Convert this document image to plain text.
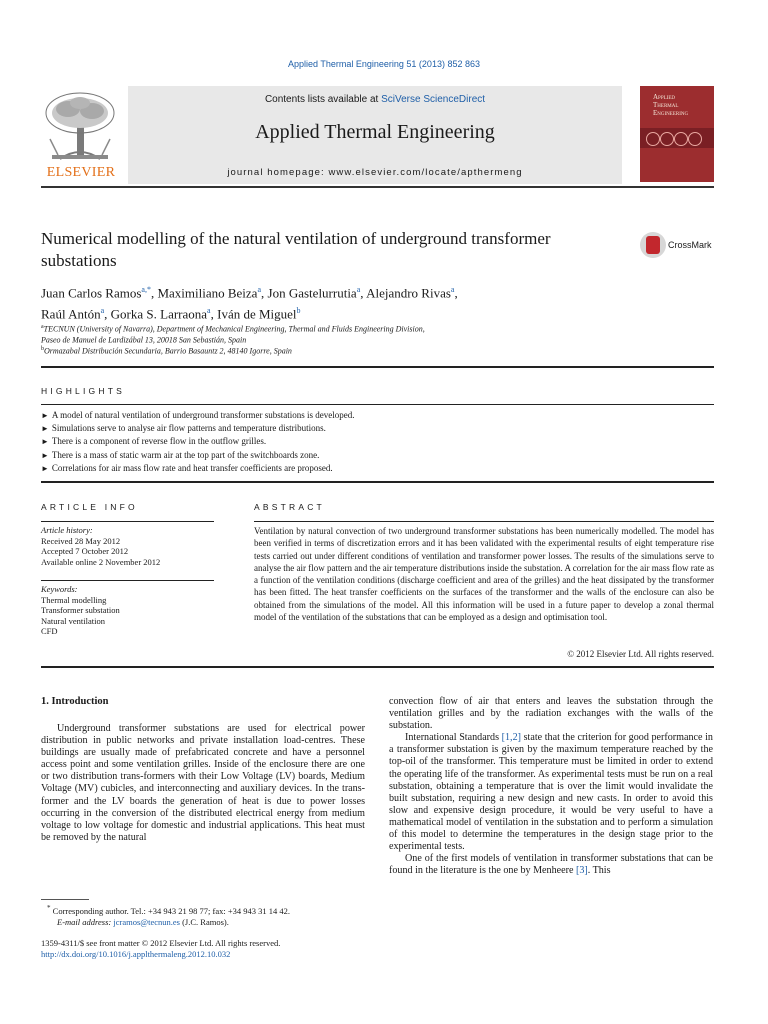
Applied Thermal Engineering 51 (2013) 852 863
ELSEVIER
Contents lists available at SciVerse ScienceDirect
Applied Thermal Engineering
journal homepage: www.elsevier.com/locate/apthermeng
Applied
Thermal
Engineering
Numerical modelling of the natural ventilation of underground transformer substations
CrossMark
Juan Carlos Ramos$^{a,*}$, Maximiliano Beiza$^a$, Jon Gastelurrutia$^a$, Alejandro Rivas$^a$,
Raúl Antón$^a$, Gorka S. Larraona$^a$, Iván de Miguel$^b$
$^a$TECNUN (University of Navarra), Department of Mechanical Engineering, Thermal and Fluids Engineering Division,
Paseo de Manuel de Lardizábal 13, 20018 San Sebastián, Spain
$^b$Ormazabal Distribución Secundaria, Barrio Basauntz 2, 48140 Igorre, Spain
HIGHLIGHTS
► A model of natural ventilation of underground transformer substations is developed.
► Simulations serve to analyse air flow patterns and temperature distributions.
► There is a component of reverse flow in the outflow grilles.
► There is a mass of static warm air at the top part of the switchboards zone.
► Correlations for air mass flow rate and heat transfer coefficients are proposed.
ARTICLE INFO
Article history:
Received 28 May 2012
Accepted 7 October 2012
Available online 2 November 2012
Keywords:
Thermal modelling
Transformer substation
Natural ventilation
CFD
ABSTRACT
Ventilation by natural convection of two underground transformer substations has been numerically modelled. The model has been verified in terms of discretization errors and it has been validated with the experimental results of eight temperature rise tests carried out under different conditions of ventilation and transformer power losses. The results of the simulations serve to analyse the air flow pattern and the air temperature distributions inside the substation. A correlation for the air mass flow rate as a function of the ventilation conditions (discharge coefficient and area of the grilles) and the heat dissipated by the transformer has been fitted. The heat transfer coefficients on the surfaces of the transformer and the walls of the enclosure can also be obtained from the simulations of the model. All this information will be used in a future paper to develop a zonal thermal model of the ventilation of the substations that can be employed as a design and optimisation tool.
© 2012 Elsevier Ltd. All rights reserved.
1. Introduction

Underground transformer substations are used for electrical power distribution in public networks and private installation load-centres. These buildings are usually made of prefabricated concrete and have a personnel access point and some ventilation grilles. Inside of the enclosure there are one or two distribution trans-formers with their Low Voltage (LV) boards, Medium Voltage (MV) cubicles, and interconnecting and auxiliary devices. In the trans-former and the LV boards the generation of heat is due to power losses occurring in the conversion of the distributed electrical energy from medium voltage to low voltage for domestic and industrial applications. This heat must be removed by the natural

convection flow of air that enters and leaves the substation through the ventilation grilles and by the radiation exchanges with the walls of the substation.

International Standards [1,2] state that the criterion for good performance in a transformer substation is given by the maximum temperature reached by the top-oil of the transformer. This temperature must be limited in order to extend the operating life of the transformer. As experimental tests must be run on a real substation, obtaining a temperature that is over the limit would invalidate the built substation, requiring a new design and new casts. In order to avoid this slow and expensive design procedure, it would be very useful to have a mathematical model of ventilation in the substation and to perform a simulation of this model to determine the temperatures in the design stage prior to the experimental tests.

One of the first models of ventilation in transformer substations that can be found in the literature is the one by Menheere [3]. This

* Corresponding author. Tel.: +34 943 21 98 77; fax: +34 943 31 14 42.
E-mail address: jcramos@tecnun.es (J.C. Ramos).
1359-4311/$ see front matter © 2012 Elsevier Ltd. All rights reserved.
http://dx.doi.org/10.1016/j.applthermaleng.2012.10.032
